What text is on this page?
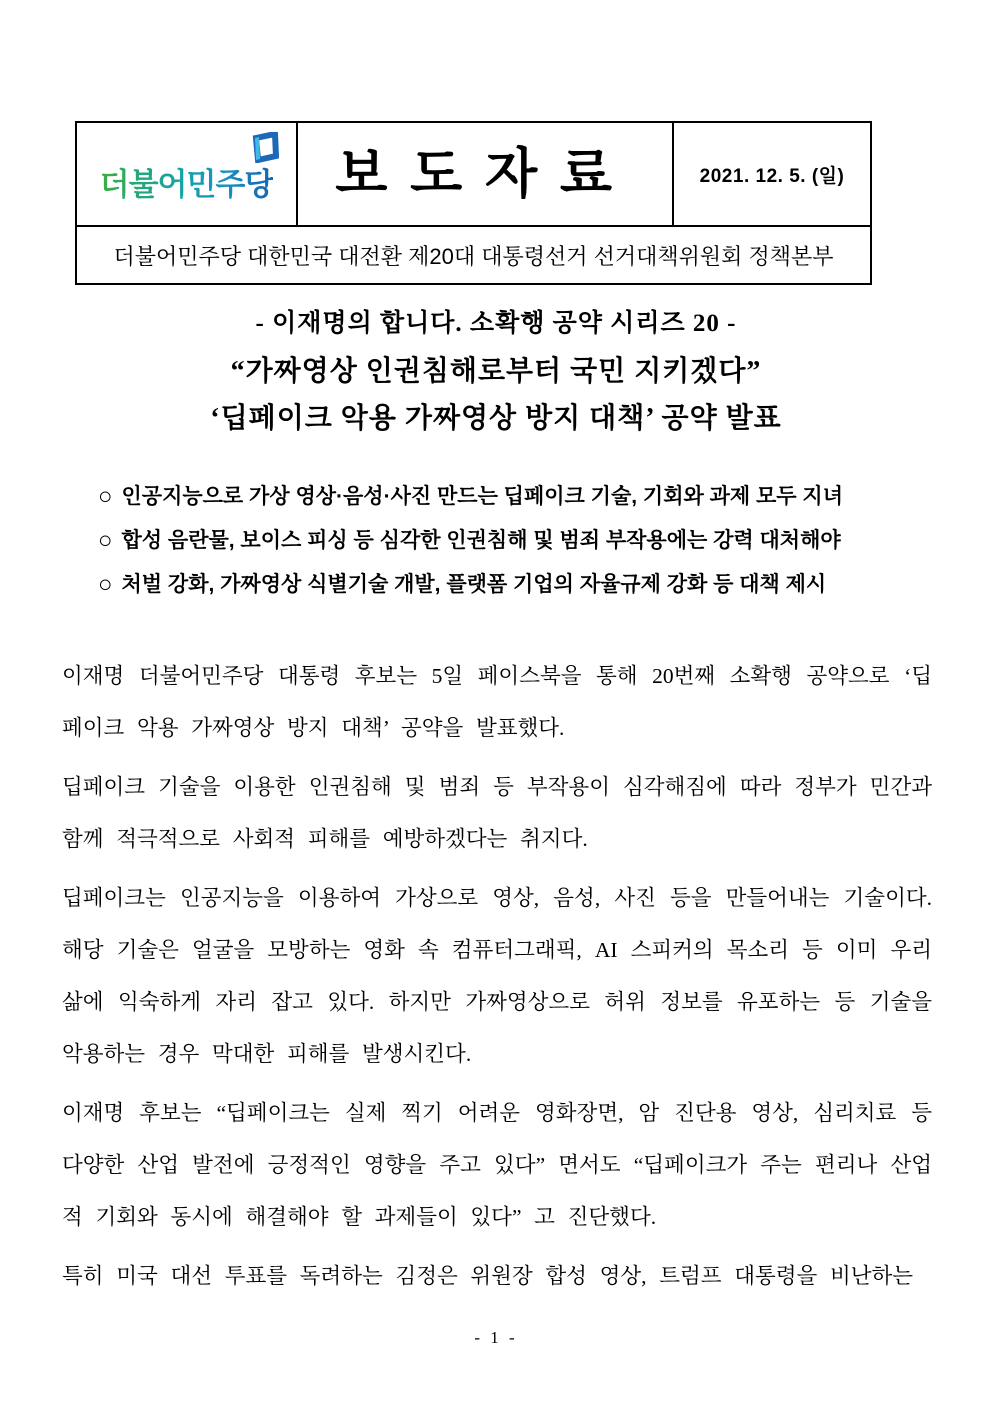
더불어민주당	보도자료	2021. 12. 5. (일)
더불어민주당 대한민국 대전환 제20대 대통령선거 선거대책위원회 정책본부
- 이재명의 합니다. 소확행 공약 시리즈 20 -
“가짜영상 인권침해로부터 국민 지키겠다”
‘딥페이크 악용 가짜영상 방지 대책’ 공약 발표
○ 인공지능으로 가상 영상·음성·사진 만드는 딥페이크 기술, 기회와 과제 모두 지녀
○ 합성 음란물, 보이스 피싱 등 심각한 인권침해 및 범죄 부작용에는 강력 대처해야
○ 처벌 강화, 가짜영상 식별기술 개발, 플랫폼 기업의 자율규제 강화 등 대책 제시

이재명 더불어민주당 대통령 후보는 5일 페이스북을 통해 20번째 소확행 공약으로 ‘딥페이크 악용 가짜영상 방지 대책’ 공약을 발표했다.

딥페이크 기술을 이용한 인권침해 및 범죄 등 부작용이 심각해짐에 따라 정부가 민간과 함께 적극적으로 사회적 피해를 예방하겠다는 취지다.

딥페이크는 인공지능을 이용하여 가상으로 영상, 음성, 사진 등을 만들어내는 기술이다. 해당 기술은 얼굴을 모방하는 영화 속 컴퓨터그래픽, AI 스피커의 목소리 등 이미 우리 삶에 익숙하게 자리 잡고 있다. 하지만 가짜영상으로 허위 정보를 유포하는 등 기술을 악용하는 경우 막대한 피해를 발생시킨다.

이재명 후보는 “딥페이크는 실제 찍기 어려운 영화장면, 암 진단용 영상, 심리치료 등 다양한 산업 발전에 긍정적인 영향을 주고 있다” 면서도 “딥페이크가 주는 편리나 산업적 기회와 동시에 해결해야 할 과제들이 있다” 고 진단했다.

특히 미국 대선 투표를 독려하는 김정은 위원장 합성 영상, 트럼프 대통령을 비난하는

- 1 -
